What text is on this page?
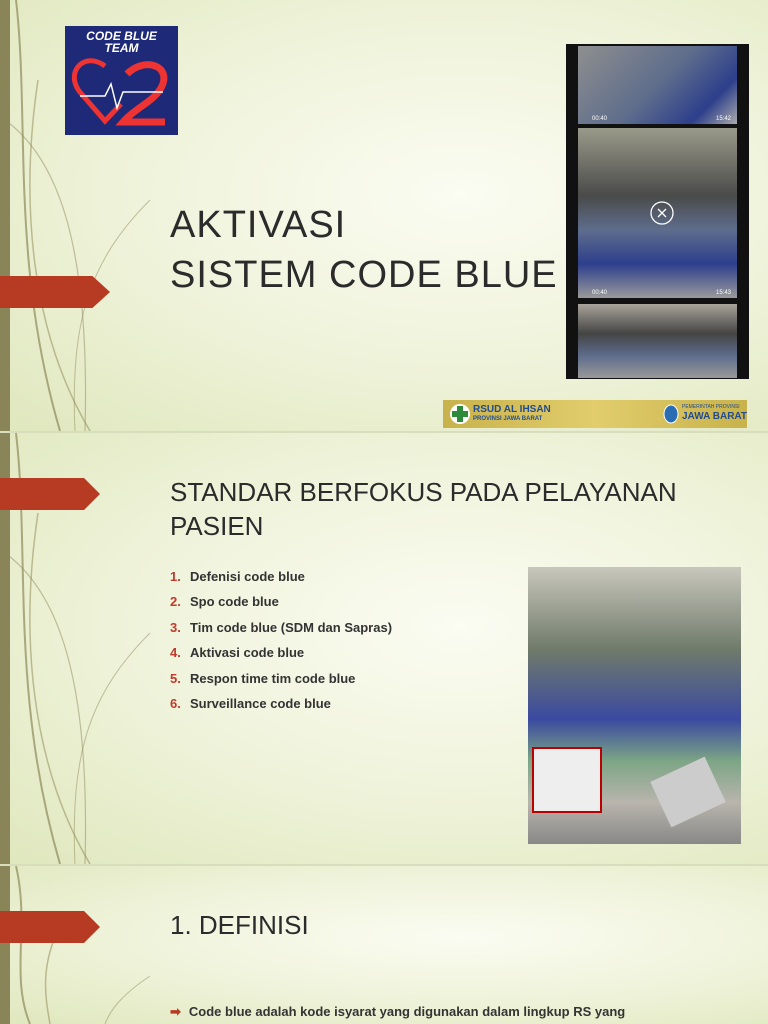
CODE BLUE
TEAM
AKTIVASI
SISTEM CODE BLUE
00:40	15:42
00:40	15:43
RSUD AL IHSAN
PROVINSI JAWA BARAT
PEMERINTAH PROVINSI
JAWA BARAT
STANDAR BERFOKUS PADA PELAYANAN PASIEN
1. Defenisi code blue
2. Spo code blue
3. Tim code blue (SDM dan Sapras)
4. Aktivasi code blue
5. Respon time tim code blue
6. Surveillance code blue
1. DEFINISI
➡ Code blue adalah kode isyarat yang digunakan dalam lingkup RS yang
